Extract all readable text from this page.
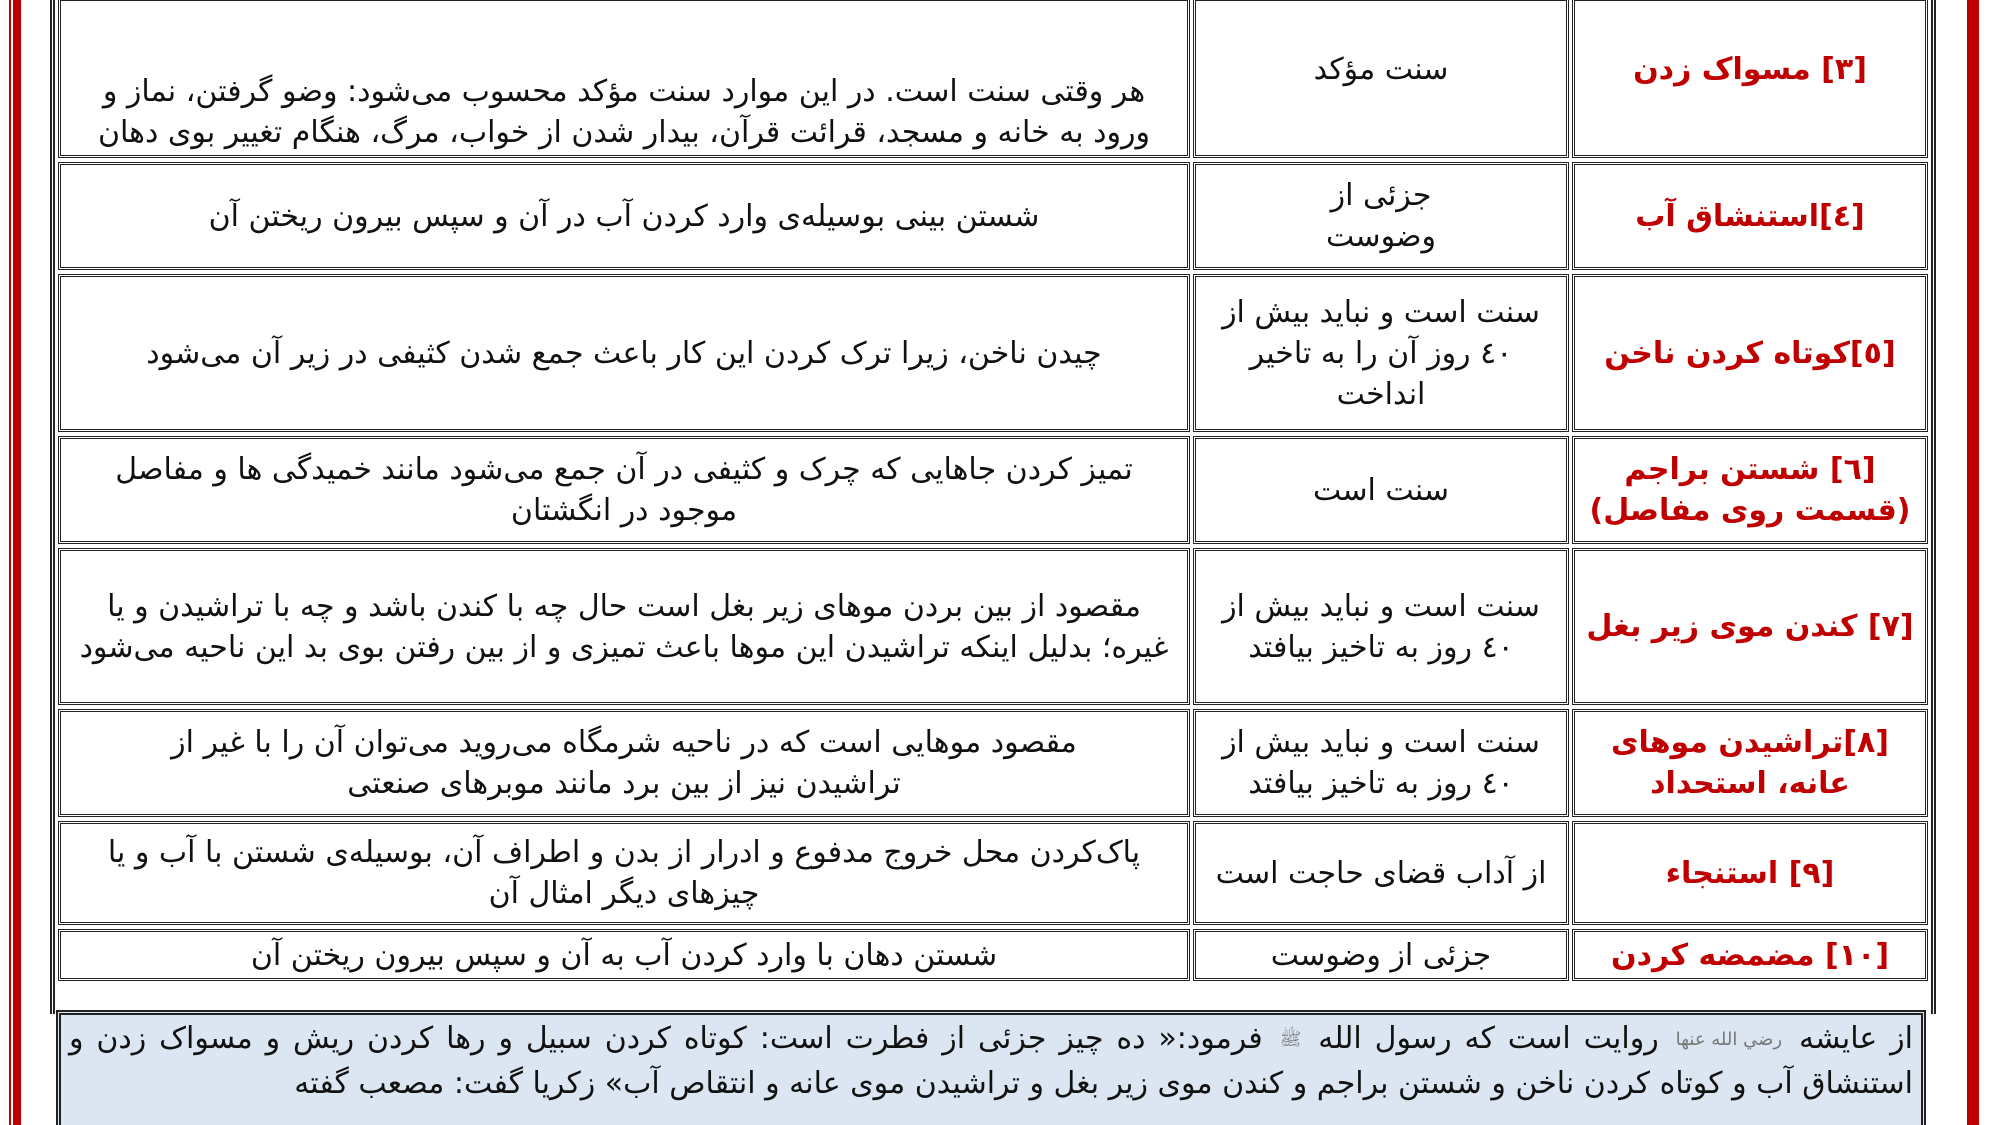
[٣] مسواک زدن	سنت مؤکد	هر وقتی سنت است. در این موارد سنت مؤکد محسوب می‌شود: وضو گرفتن، نماز و ورود به خانه و مسجد، قرائت قرآن، بیدار شدن از خواب، مرگ، هنگام تغییر بوی دهان
[٤]استنشاق آب	جزئی از وضوست	شستن بینی بوسیله‌ی وارد کردن آب در آن و سپس بیرون ریختن آن
[٥]کوتاه کردن ناخن	سنت است و نباید بیش از ٤٠ روز آن را به تاخیر انداخت	چیدن ناخن، زیرا ترک کردن این کار باعث جمع شدن کثیفی در زیر آن می‌شود
[٦] شستن براجم (قسمت روی مفاصل)	سنت است	تمیز کردن جاهایی که چرک و کثیفی در آن جمع می‌شود مانند خمیدگی ها و مفاصل موجود در انگشتان
[٧] کندن موی زیر بغل	سنت است و نباید بیش از ٤٠ روز به تاخیز بیافتد	مقصود از بین بردن موهای زیر بغل است حال چه با کندن باشد و چه با تراشیدن و یا غیره؛ بدلیل اینکه تراشیدن این موها باعث تمیزی و از بین رفتن بوی بد این ناحیه می‌شود
[٨]تراشیدن موهای عانه، استحداد	سنت است و نباید بیش از ٤٠ روز به تاخیز بیافتد	مقصود موهایی است که در ناحیه شرمگاه می‌روید می‌توان آن را با غیر از تراشیدن نیز از بین برد مانند موبرهای صنعتی
[٩] استنجاء	از آداب قضای حاجت است	پاک‌کردن محل خروج مدفوع و ادرار از بدن و اطراف آن، بوسیله‌ی شستن با آب و یا چیزهای دیگر امثال آن
[١٠] مضمضه کردن	جزئی از وضوست	شستن دهان با وارد کردن آب به آن و سپس بیرون ریختن آن
از عایشه رضي الله عنها روایت است که رسول الله ﷺ فرمود:« ده چیز جزئی از فطرت است: کوتاه کردن سبیل و رها کردن ریش و مسواک زدن و استنشاق آب و کوتاه کردن ناخن و شستن براجم و کندن موی زیر بغل و تراشیدن موی عانه و انتقاص آب» زکریا گفت: مصعب گفته
